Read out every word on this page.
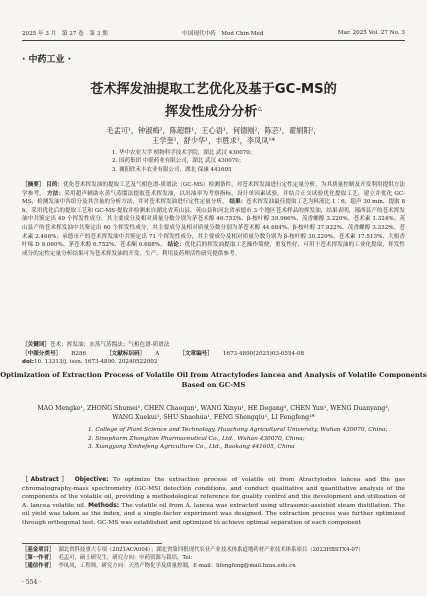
2025 年 3 月　第 27 卷　第 3 期	中国现代中药　Mod Chin Med	Mar. 2025 Vol. 27 No. 3
· 中药工业 ·
苍术挥发油提取工艺优化及基于GC-MS的
挥发性成分分析△
毛孟可¹，钟淑梅²，陈超群¹，王心语¹，何德刚²，陈芸¹，翟娟阳²，
王学奎¹，舒少华¹，丰胜求¹，李凤凤¹*
1. 华中农业大学 植物科学技术学院，湖北 武汉 430070；
2. 国药集团 中联药业有限公司，湖北 武汉 430070；
3. 襄阳欣禾丰农业有限公司，湖北 保康 441605
［摘要］ 目的：优化苍术挥发油的提取工艺及气相色谱-质谱法（GC-MS）检测条件，对苍术挥发油进行定性定量分析，为其质量控制及开发利用提供方法学参考。 方法：采用超声辅助水蒸气蒸馏法提取苍术挥发油，以出油率为考察指标，设计单因素试验，并结合正交试验优化提取工艺，建立并优化 GC-MS，检测发油中各组分及其含量的分析方法，并对苍术挥发油进行定性定量分析。 结果：苍术挥发油最佳提取工艺为料液比 1∶6，超声 30 min，提取 8 h。采用优化后的提取工艺和 GC-MS 提取并检测来自湖北省英山县、英山县和河北省承德市 3 个地区苍术样品的挥发油，结果表明，郧西县产的苍术挥发油中共鉴定出 49 个挥发性成分，其主要成分及相对质量分数分别为茅苍术醇 46.752%、β-桉叶醇 39.966%、茂香螺醇 3.220%、苍术素 1.324%；英山县产的苍术挥发油中共鉴定出 60 个挥发性成分，其主要成分及相对质量分数分别为茅苍术醇 44.684%、β-桉叶醇 37.922%、茂香螺醇 3.332%、苍术素 2.466%；承德市产的苍术挥发油中共鉴定出 71 个挥发性成分，其主要成分及相对质量分数分别为 β-桉叶醇 30.229%、苍术素 17.513%、大根香叶烯 D 9.060%、茅苍术醇 6.752%、苍术酮 6.688%。 结论：优化后的挥发油提取工艺操作简便，重复性好，可用于苍术挥发油的工业化提取，挥发性成分的定性定量分析结果可为苍术挥发油的开发、生产、利用及药理活性研究提供参考。
［关键词］苍术；挥发油；水蒸气蒸馏法；气相色谱-质谱法
［中图分类号］ R286	［文献标识码］ A	［文章编号］ 1673-4890(2025)03-0554-08
doi:10. 13313/j. issn. 1673-4890. 20240522002
Optimization of Extraction Process of Volatile Oil from Atractylodes lancea and Analysis of Volatile Components
Based on GC-MS
MAO Mengke¹, ZHONG Shumei², CHEN Chaoqun¹, WANG Xinyu¹, HE Degang², CHEN Yun¹, WENG Duanyang²,
WANG Xuekui¹, SHU Shaohua¹, FENG Shengqiu¹, LI Fengfeng¹*
1. College of Plant Science and Technology, Huazhong Agricultural University, Wuhan 430070, China;
2. Sinopharm Zhonglian Pharmaceutical Co., Ltd., Wuhan 430070, China;
3. Xiangyang Xinhefeng Agriculture Co., Ltd., Baokang 441605, China
［Abstract］ Objective: To optimize the extraction process of volatile oil from Atractylodes lancea and the gas chromatography-mass spectrometry (GC-MS) detection conditions, and conduct qualitative and quantitative analysis of the components of the volatile oil, providing a methodological reference for quality control and the development and utilization of A. lancea volatile oil. Methods: The volatile oil from A. lancea was extracted using ultrasonic-assisted steam distillation. The oil yield was taken as the index, and a single-factor experiment was designed. The extraction process was further optimized through orthogonal test. GC-MS was established and optimized to achieve optimal separation of each component
［基金项目］ 湖北省科技重大专项（2021ACA004）；湖北省第四批现代农业产业技术体系道地药材产业技术体系项目（2023HBSTX4-07）
［第一作者］ 毛孟可，硕士研究生，研究方向：中药资源与栽培，Tel：
［通信作者］ 李凤凤，工程师，研究方向：天然产物化学及质量控制，E-mail：lifengfeng@mail.hzau.edu.cn
· 554 ·
